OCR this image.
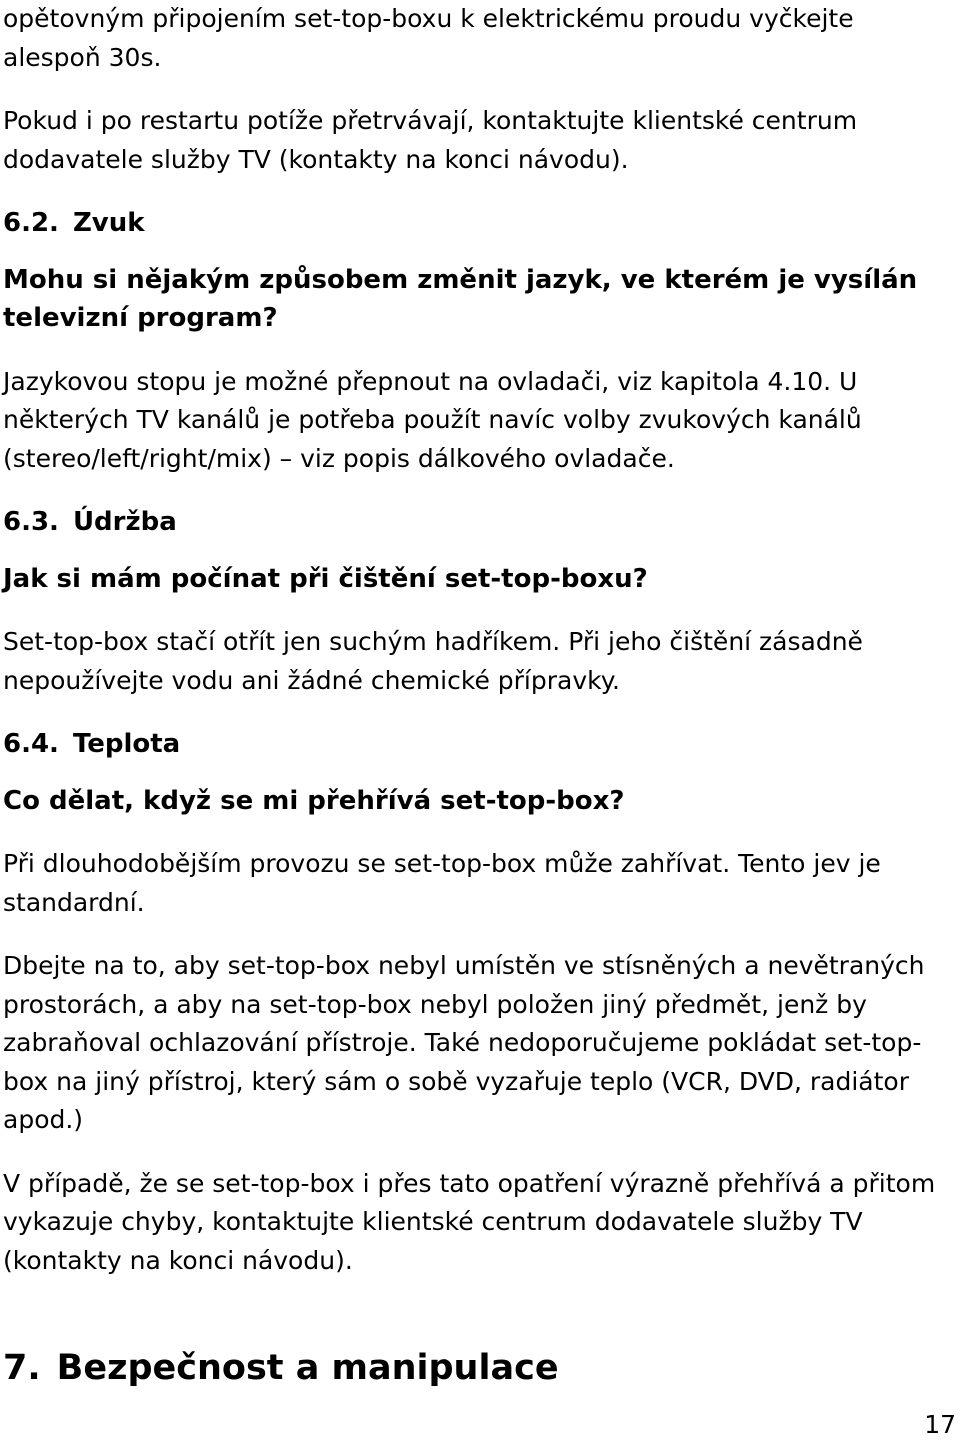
opětovným připojením set-top-boxu k elektrickému proudu vyčkejte alespoň 30s.

Pokud i po restartu potíže přetrvávají, kontaktujte klientské centrum dodavatele služby TV (kontakty na konci návodu).

6.2. Zvuk
Mohu si nějakým způsobem změnit jazyk, ve kterém je vysílán televizní program?

Jazykovou stopu je možné přepnout na ovladači, viz kapitola 4.10. U některých TV kanálů je potřeba použít navíc volby zvukových kanálů (stereo/left/right/mix) – viz popis dálkového ovladače.

6.3. Údržba
Jak si mám počínat při čištění set-top-boxu?

Set-top-box stačí otřít jen suchým hadříkem. Při jeho čištění zásadně nepoužívejte vodu ani žádné chemické přípravky.

6.4. Teplota
Co dělat, když se mi přehřívá set-top-box?

Při dlouhodobějším provozu se set-top-box může zahřívat. Tento jev je standardní.

Dbejte na to, aby set-top-box nebyl umístěn ve stísněných a nevětraných prostorách, a aby na set-top-box nebyl položen jiný předmět, jenž by zabraňoval ochlazování přístroje. Také nedoporučujeme pokládat set-top-box na jiný přístroj, který sám o sobě vyzařuje teplo (VCR, DVD, radiátor apod.)

V případě, že se set-top-box i přes tato opatření výrazně přehřívá a přitom vykazuje chyby, kontaktujte klientské centrum dodavatele služby TV (kontakty na konci návodu).

7. Bezpečnost a manipulace
17
